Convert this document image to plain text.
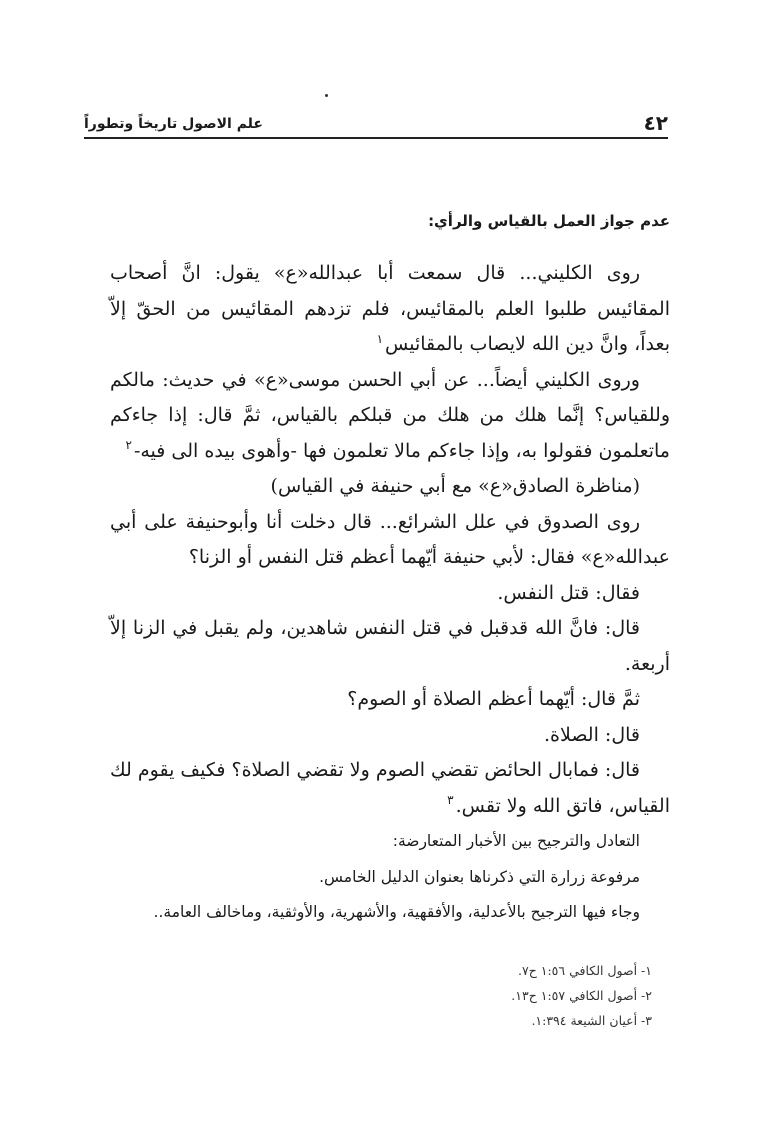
٤٢
علم الاصول تاريخاً وتطوراً

عدم جواز العمل بالقياس والرأي:

روى الكليني... قال سمعت أبا عبدالله«ع» يقول: انَّ أصحاب المقائيس طلبوا العلم بالمقائيس، فلم تزدهم المقائيس من الحقّ إلاّ بعداً، وانَّ دين الله لايصاب بالمقائيس$^١$

وروى الكليني أيضاً... عن أبي الحسن موسى«ع» في حديث: مالكم وللقياس؟ إنَّما هلك من هلك من قبلكم بالقياس، ثمَّ قال: إذا جاءكم ماتعلمون فقولوا به، وإذا جاءكم مالا تعلمون فها -وأهوى بيده الى فيه-$^٢$

(مناظرة الصادق«ع» مع أبي حنيفة في القياس)

روى الصدوق في علل الشرائع... قال دخلت أنا وأبوحنيفة على أبي عبدالله«ع» فقال: لأبي حنيفة أيّهما أعظم قتل النفس أو الزنا؟

فقال: قتل النفس.

قال: فانَّ الله قدقبل في قتل النفس شاهدين، ولم يقبل في الزنا إلاّ أربعة.

ثمَّ قال: أيّهما أعظم الصلاة أو الصوم؟

قال: الصلاة.

قال: فمابال الحائض تقضي الصوم ولا تقضي الصلاة؟ فكيف يقوم لك القياس، فاتق الله ولا تقس.$^٣$

التعادل والترجيح بين الأخبار المتعارضة:

مرفوعة زرارة التي ذكرناها بعنوان الدليل الخامس.

وجاء فيها الترجيح بالأعدلية، والأفقهية، والأشهرية، والأوثقية، وماخالف العامة..

١- أصول الكافي ١:٥٦ ح٧.

٢- أصول الكافي ١:٥٧ ح١٣.

٣- أعيان الشيعة ١:٣٩٤.
